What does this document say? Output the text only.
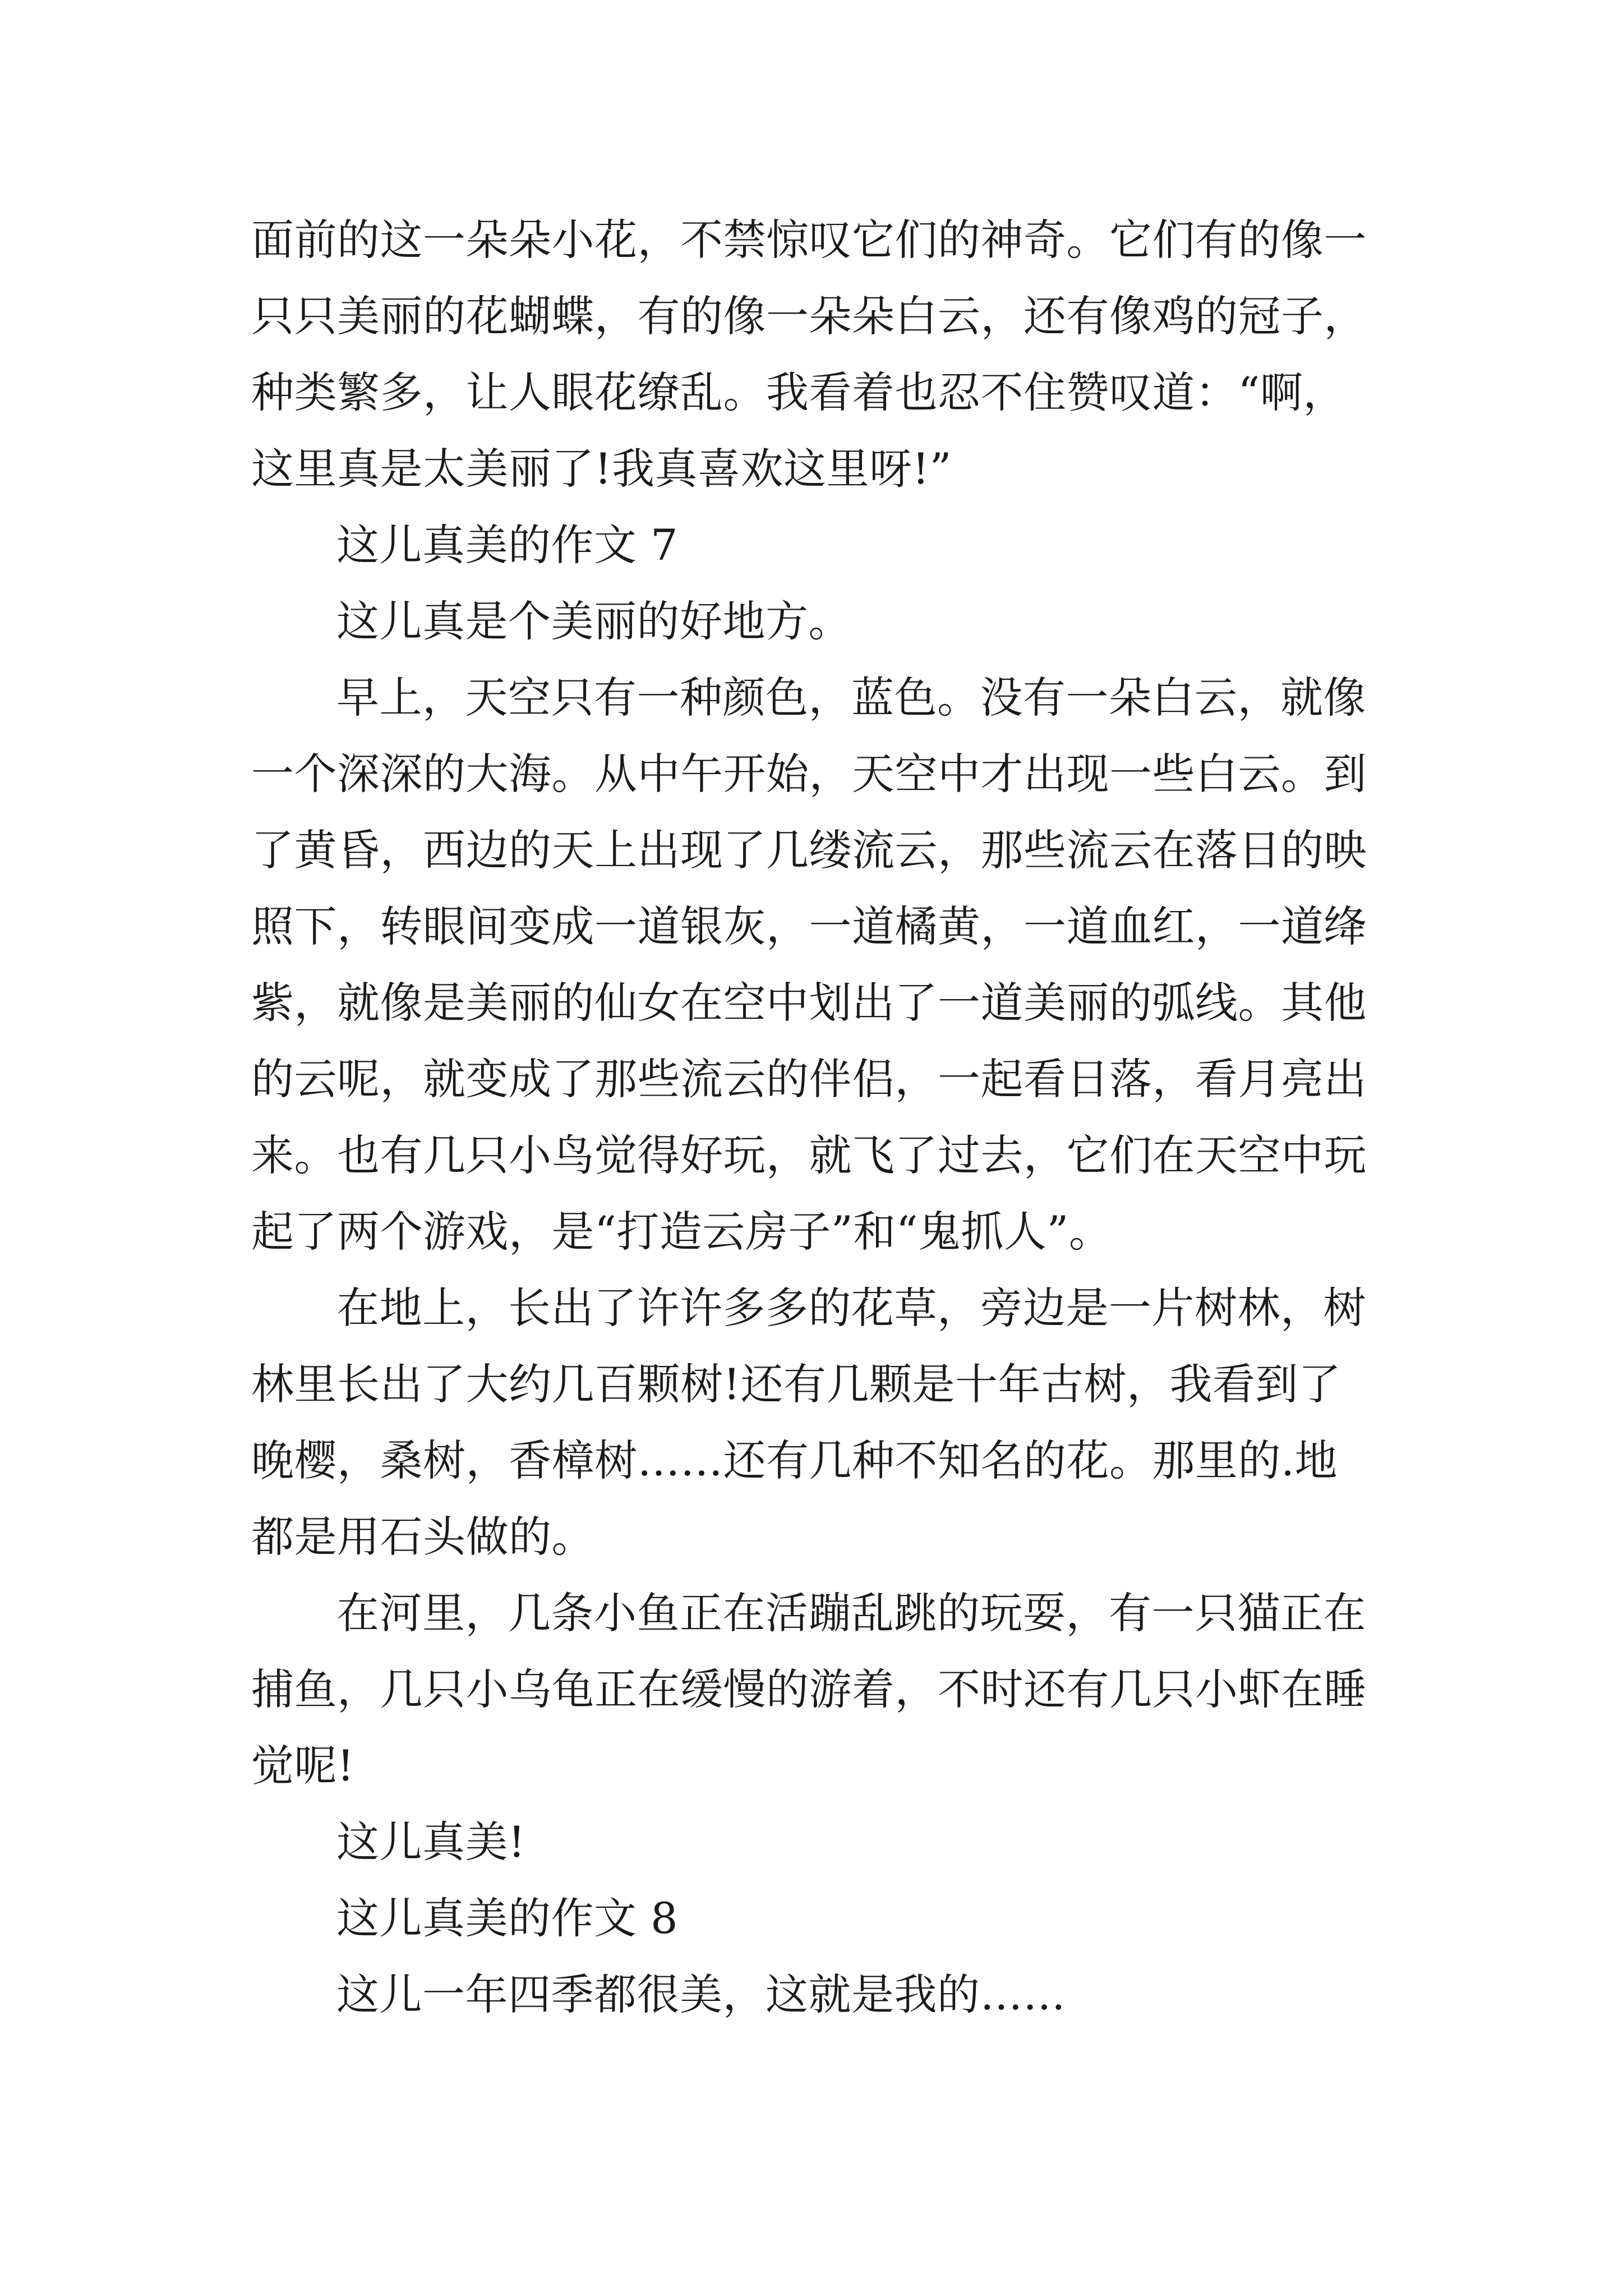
面前的这一朵朵小花，不禁惊叹它们的神奇。它们有的像一
只只美丽的花蝴蝶，有的像一朵朵白云，还有像鸡的冠子，
种类繁多，让人眼花缭乱。我看着也忍不住赞叹道：“啊，
这里真是太美丽了!我真喜欢这里呀!”
这儿真美的作文 7
这儿真是个美丽的好地方。
早上，天空只有一种颜色，蓝色。没有一朵白云，就像
一个深深的大海。从中午开始，天空中才出现一些白云。到
了黄昏，西边的天上出现了几缕流云，那些流云在落日的映
照下，转眼间变成一道银灰，一道橘黄，一道血红，一道绛
紫，就像是美丽的仙女在空中划出了一道美丽的弧线。其他
的云呢，就变成了那些流云的伴侣，一起看日落，看月亮出
来。也有几只小鸟觉得好玩，就飞了过去，它们在天空中玩
起了两个游戏，是“打造云房子”和“鬼抓人”。
在地上，长出了许许多多的花草，旁边是一片树林，树
林里长出了大约几百颗树!还有几颗是十年古树，我看到了
晚樱，桑树，香樟树……还有几种不知名的花。那里的.地
都是用石头做的。
在河里，几条小鱼正在活蹦乱跳的玩耍，有一只猫正在
捕鱼，几只小乌龟正在缓慢的游着，不时还有几只小虾在睡
觉呢!
这儿真美!
这儿真美的作文 8
这儿一年四季都很美，这就是我的……
